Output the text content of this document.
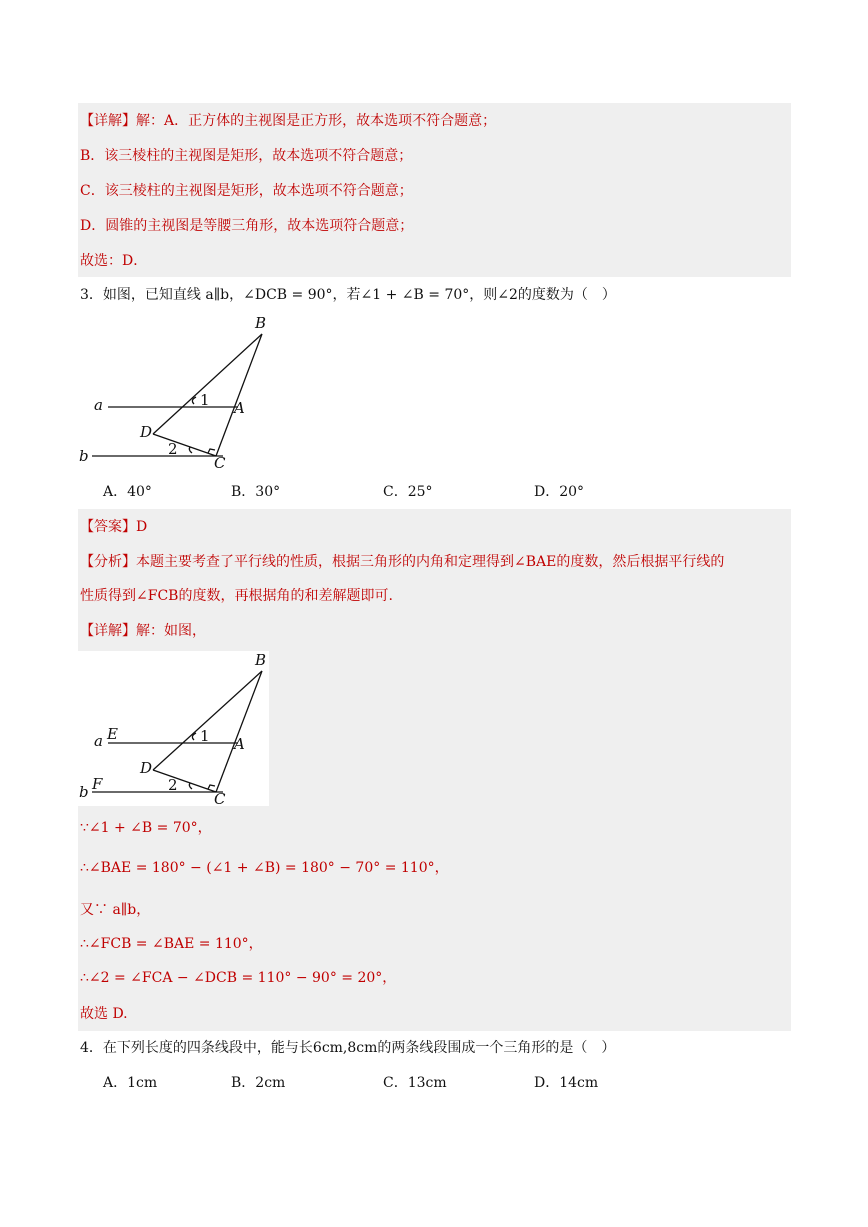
【详解】解：A．正方体的主视图是正方形，故本选项不符合题意；
B．该三棱柱的主视图是矩形，故本选项不符合题意；
C．该三棱柱的主视图是矩形，故本选项不符合题意；
D．圆锥的主视图是等腰三角形，故本选项符合题意；
故选：D．
3．如图，已知直线 a∥b，∠DCB = 90°，若∠1 + ∠B = 70°，则∠2的度数为（　）
B
a	1 A
D
2
b	C
A．40°	B．30°	C．25°	D．20°
【答案】D
【分析】本题主要考查了平行线的性质，根据三角形的内角和定理得到∠BAE的度数，然后根据平行线的
性质得到∠FCB的度数，再根据角的和差解题即可.
【详解】解：如图，
B
a E	1 A
D
2
b F
C
∵∠1 + ∠B = 70°，
∴∠BAE = 180° − (∠1 + ∠B) = 180° − 70° = 110°，
又∵ a∥b，
∴∠FCB = ∠BAE = 110°，
∴∠2 = ∠FCA − ∠DCB = 110° − 90° = 20°，
故选 D.
4．在下列长度的四条线段中，能与长6cm,8cm的两条线段围成一个三角形的是（　）
A．1cm	B．2cm	C．13cm	D．14cm
